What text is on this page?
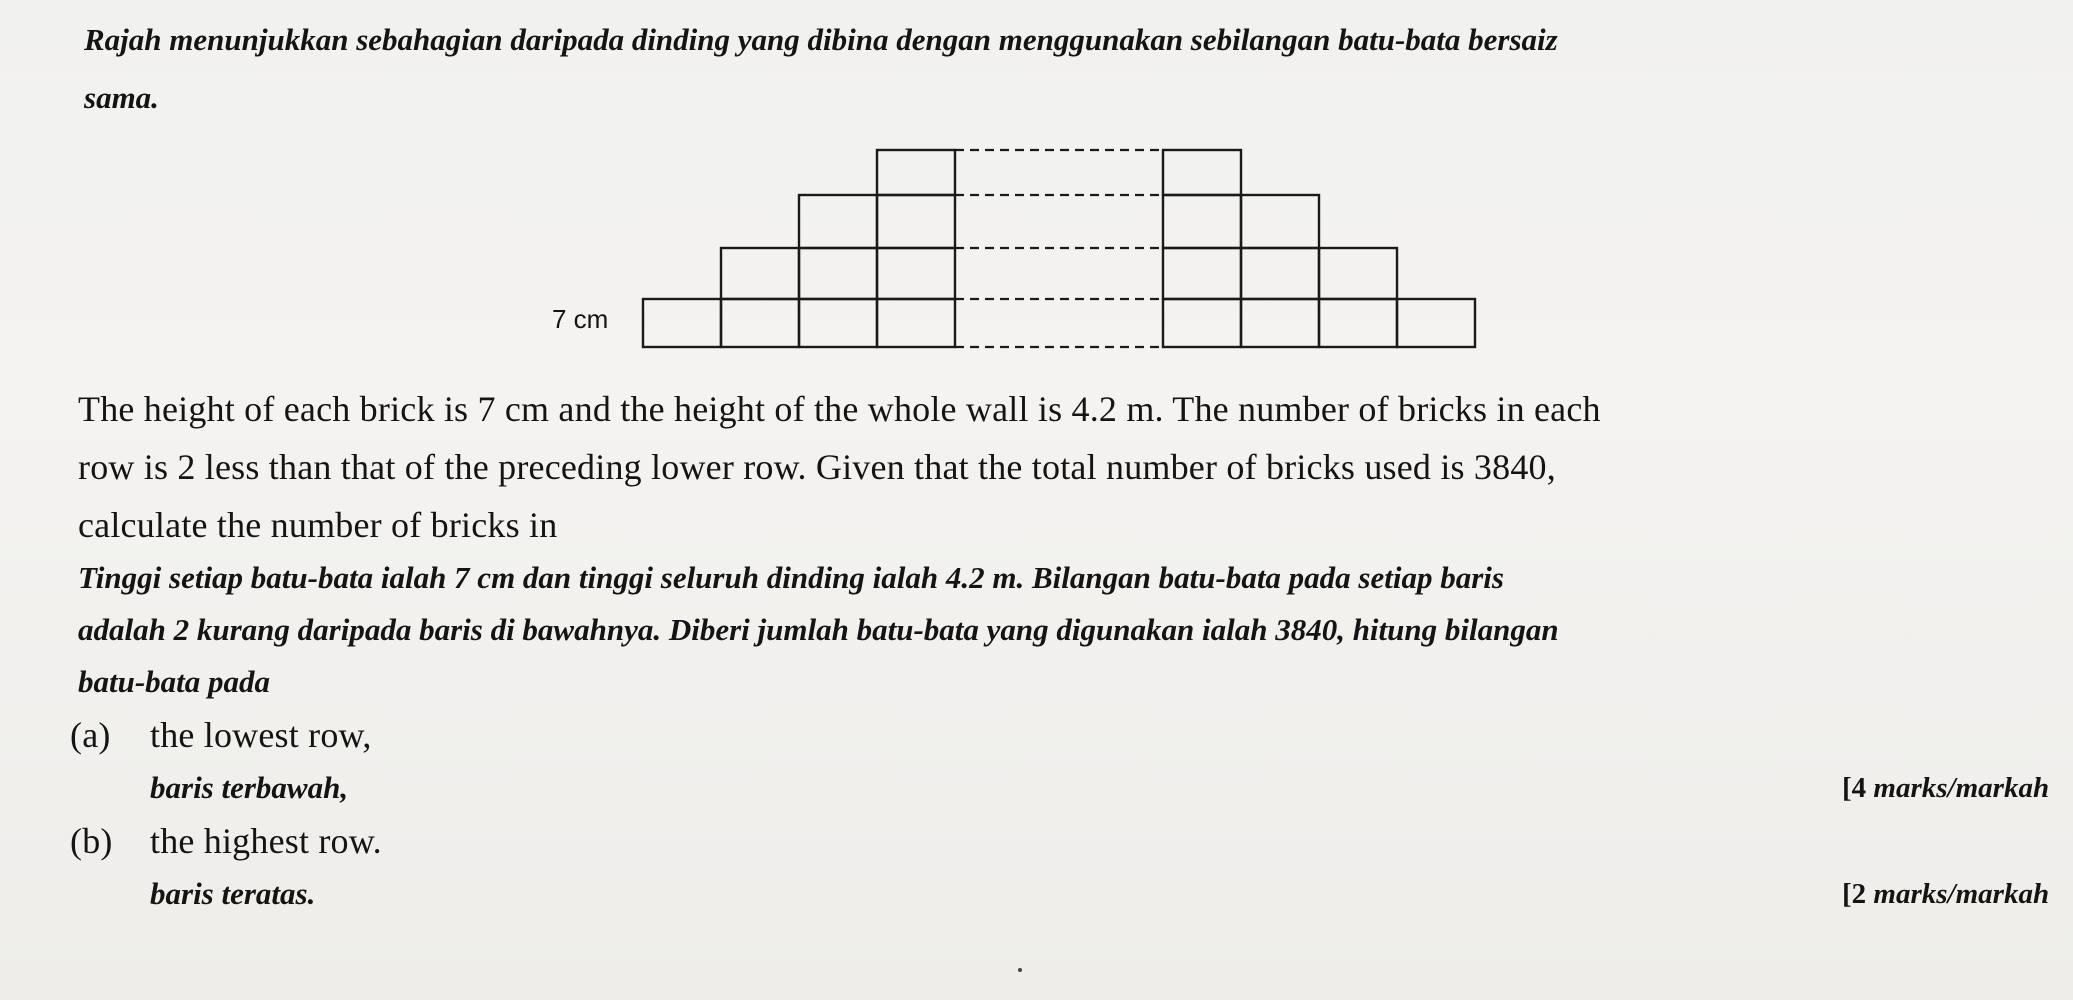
Rajah menunjukkan sebahagian daripada dinding yang dibina dengan menggunakan sebilangan batu-bata bersaiz
sama.
7 cm
The height of each brick is 7 cm and the height of the whole wall is 4.2 m. The number of bricks in each
row is 2 less than that of the preceding lower row. Given that the total number of bricks used is 3840,
calculate the number of bricks in
Tinggi setiap batu-bata ialah 7 cm dan tinggi seluruh dinding ialah 4.2 m. Bilangan batu-bata pada setiap baris
adalah 2 kurang daripada baris di bawahnya. Diberi jumlah batu-bata yang digunakan ialah 3840, hitung bilangan
batu-bata pada
(a) the lowest row,
baris terbawah,	[4 marks/markah
(b) the highest row.
baris teratas.	[2 marks/markah
